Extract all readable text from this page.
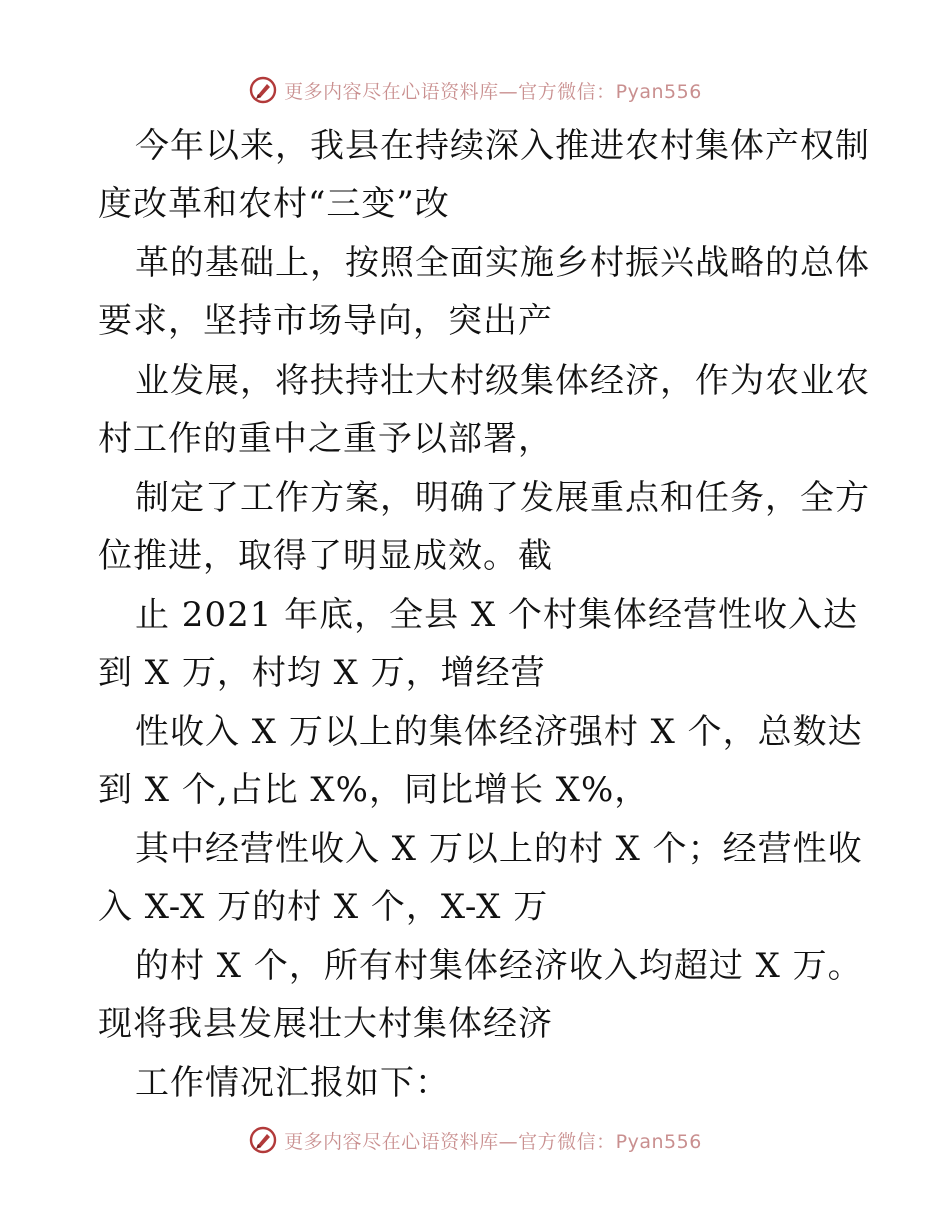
更多内容尽在心语资料库—官方微信：Pyan556
今年以来，我县在持续深入推进农村集体产权制
度改革和农村“三变”改
革的基础上，按照全面实施乡村振兴战略的总体
要求，坚持市场导向，突出产
业发展，将扶持壮大村级集体经济，作为农业农
村工作的重中之重予以部署，
制定了工作方案，明确了发展重点和任务，全方
位推进，取得了明显成效。截
止 2021 年底，全县 X 个村集体经营性收入达
到 X 万，村均 X 万，增经营
性收入 X 万以上的集体经济强村 X 个，总数达
到 X 个,占比 X%，同比增长 X%，
其中经营性收入 X 万以上的村 X 个；经营性收
入 X-X 万的村 X 个，X-X 万
的村 X 个，所有村集体经济收入均超过 X 万。
现将我县发展壮大村集体经济
工作情况汇报如下：
更多内容尽在心语资料库—官方微信：Pyan556
